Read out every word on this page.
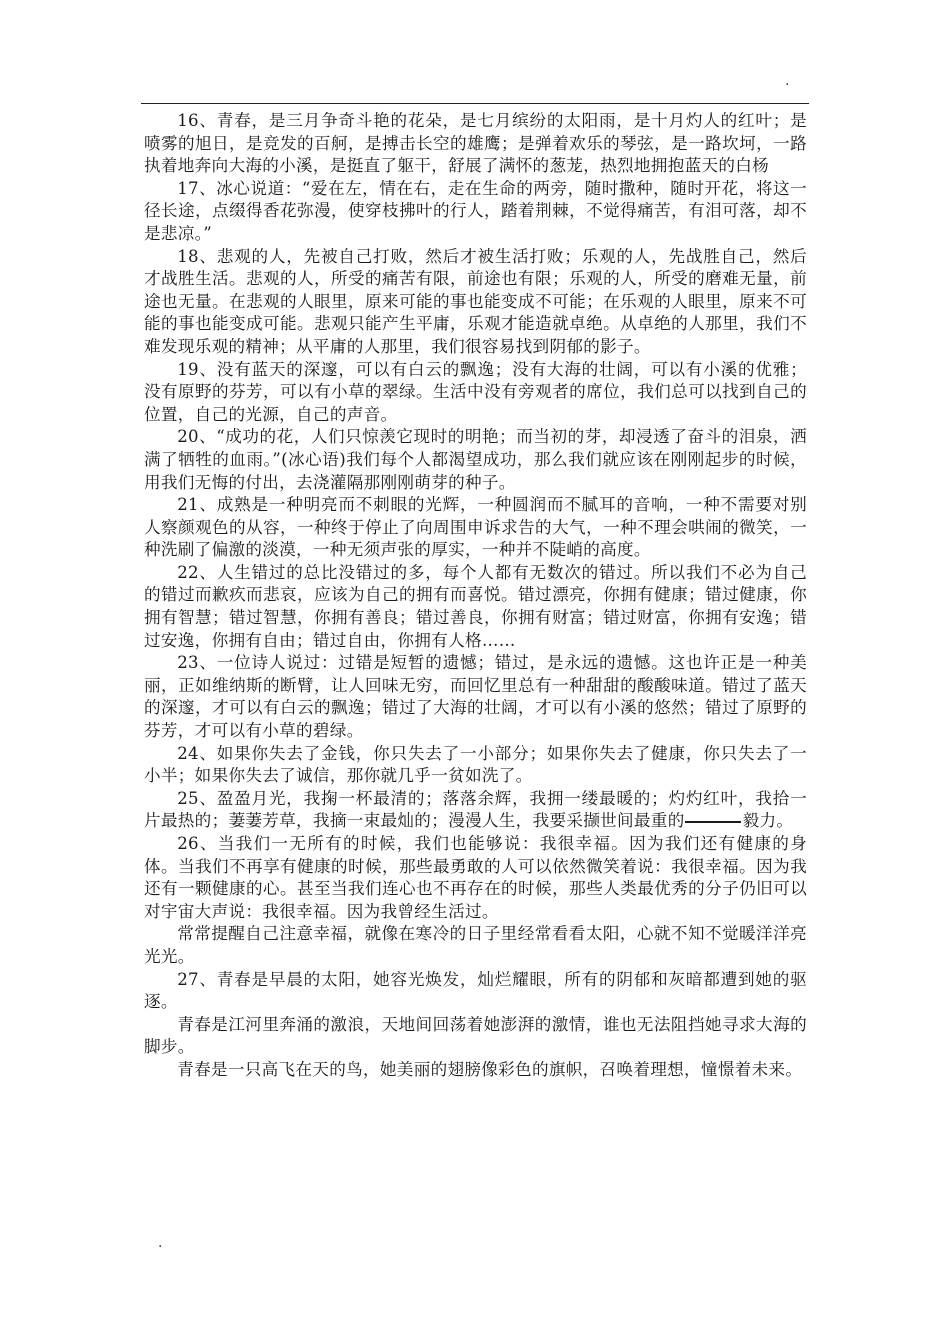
.

16、青春，是三月争奇斗艳的花朵，是七月缤纷的太阳雨，是十月灼人的红叶；是喷雾的旭日，是竞发的百舸，是搏击长空的雄鹰；是弹着欢乐的琴弦，是一路坎坷，一路执着地奔向大海的小溪，是挺直了躯干，舒展了满怀的葱茏，热烈地拥抱蓝天的白杨

17、冰心说道：“爱在左，情在右，走在生命的两旁，随时撒种，随时开花，将这一径长途，点缀得香花弥漫，使穿枝拂叶的行人，踏着荆棘，不觉得痛苦，有泪可落，却不是悲凉。”

18、悲观的人，先被自己打败，然后才被生活打败；乐观的人，先战胜自己，然后才战胜生活。悲观的人，所受的痛苦有限，前途也有限；乐观的人，所受的磨难无量，前途也无量。在悲观的人眼里，原来可能的事也能变成不可能；在乐观的人眼里，原来不可能的事也能变成可能。悲观只能产生平庸，乐观才能造就卓绝。从卓绝的人那里，我们不难发现乐观的精神；从平庸的人那里，我们很容易找到阴郁的影子。

19、没有蓝天的深邃，可以有白云的飘逸；没有大海的壮阔，可以有小溪的优雅；没有原野的芬芳，可以有小草的翠绿。生活中没有旁观者的席位，我们总可以找到自己的位置，自己的光源，自己的声音。

20、“成功的花，人们只惊羡它现时的明艳；而当初的芽，却浸透了奋斗的泪泉，洒满了牺牲的血雨。”(冰心语)我们每个人都渴望成功，那么我们就应该在刚刚起步的时候，用我们无悔的付出，去浇灌隔那刚刚萌芽的种子。

21、成熟是一种明亮而不刺眼的光辉，一种圆润而不腻耳的音响，一种不需要对别人察颜观色的从容，一种终于停止了向周围申诉求告的大气，一种不理会哄闹的微笑，一种洗刷了偏激的淡漠，一种无须声张的厚实，一种并不陡峭的高度。

22、人生错过的总比没错过的多，每个人都有无数次的错过。所以我们不必为自己的错过而歉疚而悲哀，应该为自己的拥有而喜悦。错过漂亮，你拥有健康；错过健康，你拥有智慧；错过智慧，你拥有善良；错过善良，你拥有财富；错过财富，你拥有安逸；错过安逸，你拥有自由；错过自由，你拥有人格……

23、一位诗人说过：过错是短暂的遗憾；错过，是永远的遗憾。这也许正是一种美丽，正如维纳斯的断臂，让人回味无穷，而回忆里总有一种甜甜的酸酸味道。错过了蓝天的深邃，才可以有白云的飘逸；错过了大海的壮阔，才可以有小溪的悠然；错过了原野的芬芳，才可以有小草的碧绿。

24、如果你失去了金钱，你只失去了一小部分；如果你失去了健康，你只失去了一小半；如果你失去了诚信，那你就几乎一贫如洗了。

25、盈盈月光，我掬一杯最清的；落落余辉，我拥一缕最暖的；灼灼红叶，我拾一片最热的；萋萋芳草，我摘一束最灿的；漫漫人生，我要采撷世间最重的	毅力。

26、当我们一无所有的时候，我们也能够说：我很幸福。因为我们还有健康的身体。当我们不再享有健康的时候，那些最勇敢的人可以依然微笑着说：我很幸福。因为我还有一颗健康的心。甚至当我们连心也不再存在的时候，那些人类最优秀的分子仍旧可以对宇宙大声说：我很幸福。因为我曾经生活过。

常常提醒自己注意幸福，就像在寒冷的日子里经常看看太阳，心就不知不觉暖洋洋亮光光。

27、青春是早晨的太阳，她容光焕发，灿烂耀眼，所有的阴郁和灰暗都遭到她的驱逐。

青春是江河里奔涌的激浪，天地间回荡着她澎湃的激情，谁也无法阻挡她寻求大海的脚步。

青春是一只高飞在天的鸟，她美丽的翅膀像彩色的旗帜，召唤着理想，憧憬着未来。

.
